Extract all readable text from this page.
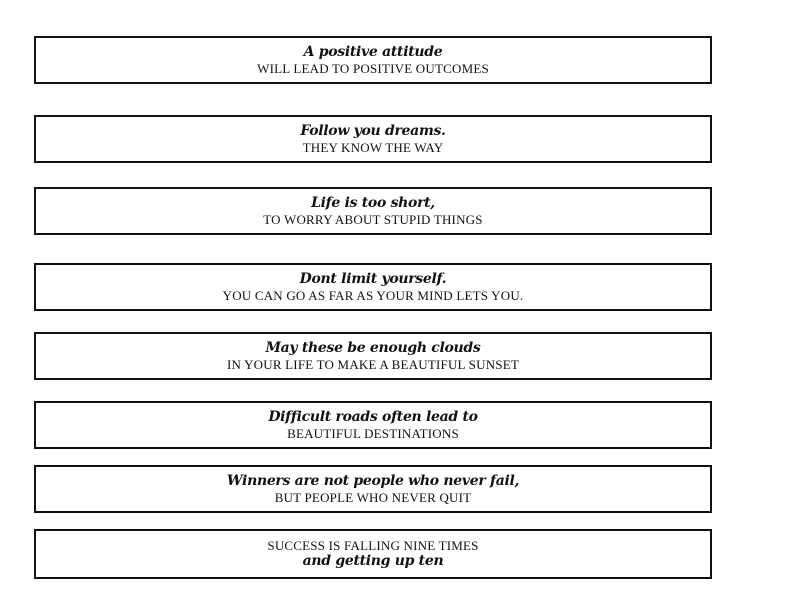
A positive attitude
WILL LEAD TO POSITIVE OUTCOMES
Follow you dreams.
THEY KNOW THE WAY
Life is too short,
TO WORRY ABOUT STUPID THINGS
Dont limit yourself.
YOU CAN GO AS FAR AS YOUR MIND LETS YOU.
May these be enough clouds
IN YOUR LIFE TO MAKE A BEAUTIFUL SUNSET
Difficult roads often lead to
BEAUTIFUL DESTINATIONS
Winners are not people who never fail,
BUT PEOPLE WHO NEVER QUIT
SUCCESS IS FALLING NINE TIMES
and getting up ten
